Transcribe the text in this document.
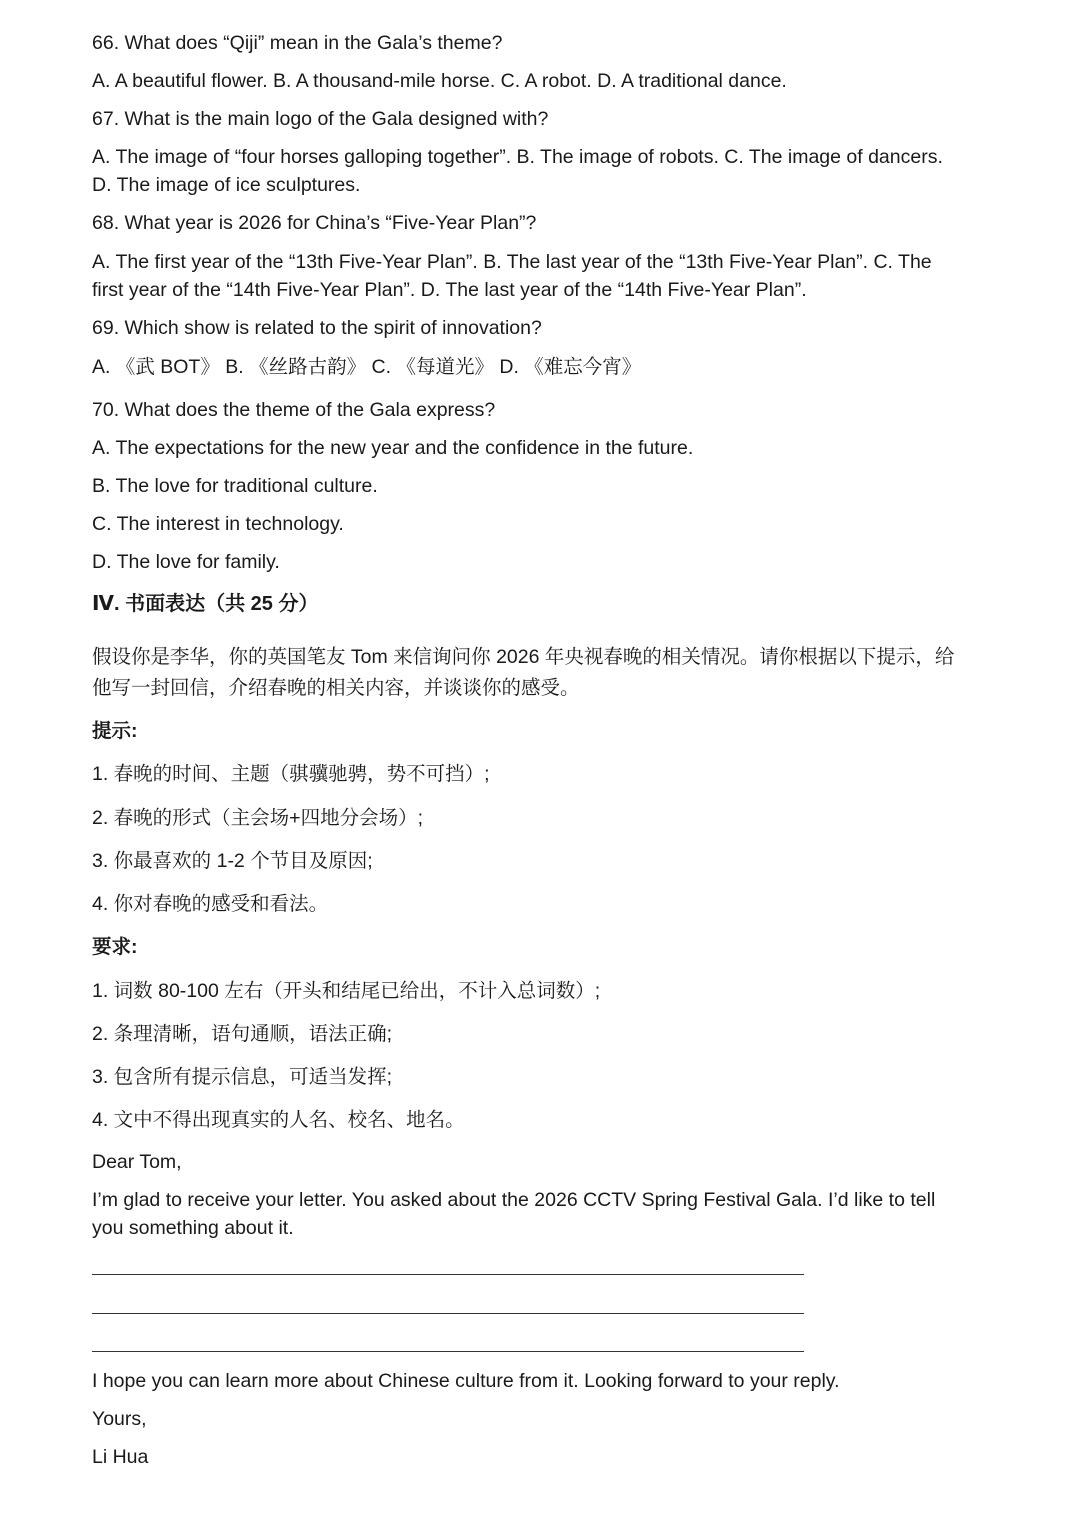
66. What does “Qiji” mean in the Gala’s theme?

A. A beautiful flower. B. A thousand-mile horse. C. A robot. D. A traditional dance.

67. What is the main logo of the Gala designed with?

A. The image of “four horses galloping together”. B. The image of robots. C. The image of dancers.

D. The image of ice sculptures.

68. What year is 2026 for China’s “Five-Year Plan”?

A. The first year of the “13th Five-Year Plan”. B. The last year of the “13th Five-Year Plan”. C. The

first year of the “14th Five-Year Plan”. D. The last year of the “14th Five-Year Plan”.

69. Which show is related to the spirit of innovation?

A. 《武 BOT》 B. 《丝路古韵》 C. 《每道光》 D. 《难忘今宵》

70. What does the theme of the Gala express?

A. The expectations for the new year and the confidence in the future.

B. The love for traditional culture.

C. The interest in technology.

D. The love for family.

Ⅳ. 书面表达（共 25 分）

假设你是李华，你的英国笔友 Tom 来信询问你 2026 年央视春晚的相关情况。请你根据以下提示，给

他写一封回信，介绍春晚的相关内容，并谈谈你的感受。

提示:

1. 春晚的时间、主题（骐骥驰骋，势不可挡）;

2. 春晚的形式（主会场+四地分会场）;

3. 你最喜欢的 1-2 个节目及原因;

4. 你对春晚的感受和看法。

要求:

1. 词数 80-100 左右（开头和结尾已给出，不计入总词数）;

2. 条理清晰，语句通顺，语法正确;

3. 包含所有提示信息，可适当发挥;

4. 文中不得出现真实的人名、校名、地名。

Dear Tom,

I’m glad to receive your letter. You asked about the 2026 CCTV Spring Festival Gala. I’d like to tell

you something about it.

I hope you can learn more about Chinese culture from it. Looking forward to your reply.

Yours,

Li Hua
